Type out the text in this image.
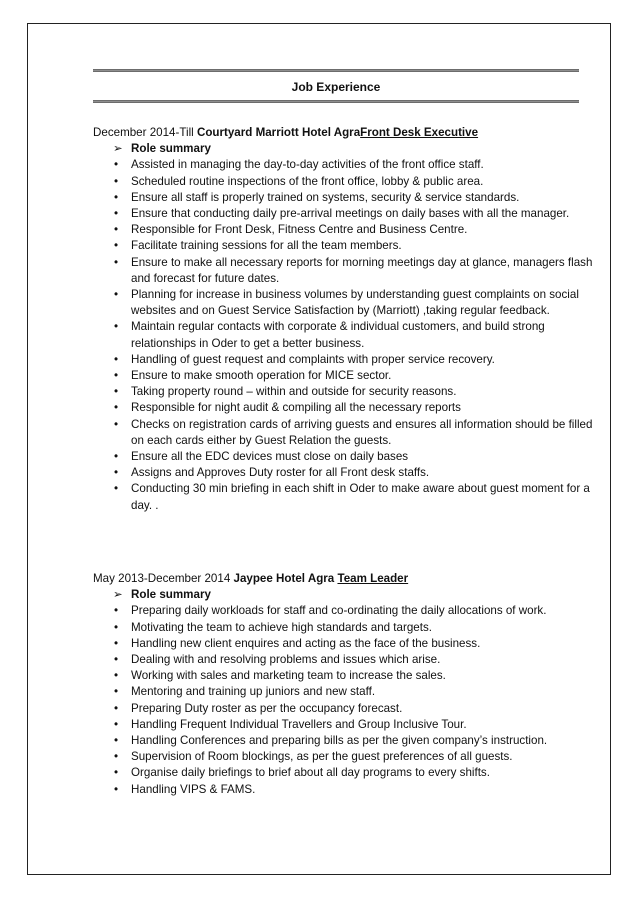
Job Experience
December 2014-Till Courtyard Marriott Hotel AgraFront Desk Executive
➢ Role summary
• Assisted in managing the day-to-day activities of the front office staff.
• Scheduled routine inspections of the front office, lobby & public area.
• Ensure all staff is properly trained on systems, security & service standards.
• Ensure that conducting daily pre-arrival meetings on daily bases with all the manager.
• Responsible for Front Desk, Fitness Centre and Business Centre.
• Facilitate training sessions for all the team members.
• Ensure to make all necessary reports for morning meetings day at glance, managers flash and forecast for future dates.
• Planning for increase in business volumes by understanding guest complaints on social websites and on Guest Service Satisfaction by (Marriott) ,taking regular feedback.
• Maintain regular contacts with corporate & individual customers, and build strong relationships in Oder to get a better business.
• Handling of guest request and complaints with proper service recovery.
• Ensure to make smooth operation for MICE sector.
• Taking property round – within and outside for security reasons.
• Responsible for night audit & compiling all the necessary reports
• Checks on registration cards of arriving guests and ensures all information should be filled on each cards either by Guest Relation the guests.
• Ensure all the EDC devices must close on daily bases
• Assigns and Approves Duty roster for all Front desk staffs.
• Conducting 30 min briefing in each shift in Oder to make aware about guest moment for a day. .
May 2013-December 2014 Jaypee Hotel Agra Team Leader
➢ Role summary
• Preparing daily workloads for staff and co-ordinating the daily allocations of work.
• Motivating the team to achieve high standards and targets.
• Handling new client enquires and acting as the face of the business.
• Dealing with and resolving problems and issues which arise.
• Working with sales and marketing team to increase the sales.
• Mentoring and training up juniors and new staff.
• Preparing Duty roster as per the occupancy forecast.
• Handling Frequent Individual Travellers and Group Inclusive Tour.
• Handling Conferences and preparing bills as per the given company’s instruction.
• Supervision of Room blockings, as per the guest preferences of all guests.
• Organise daily briefings to brief about all day programs to every shifts.
• Handling VIPS & FAMS.
